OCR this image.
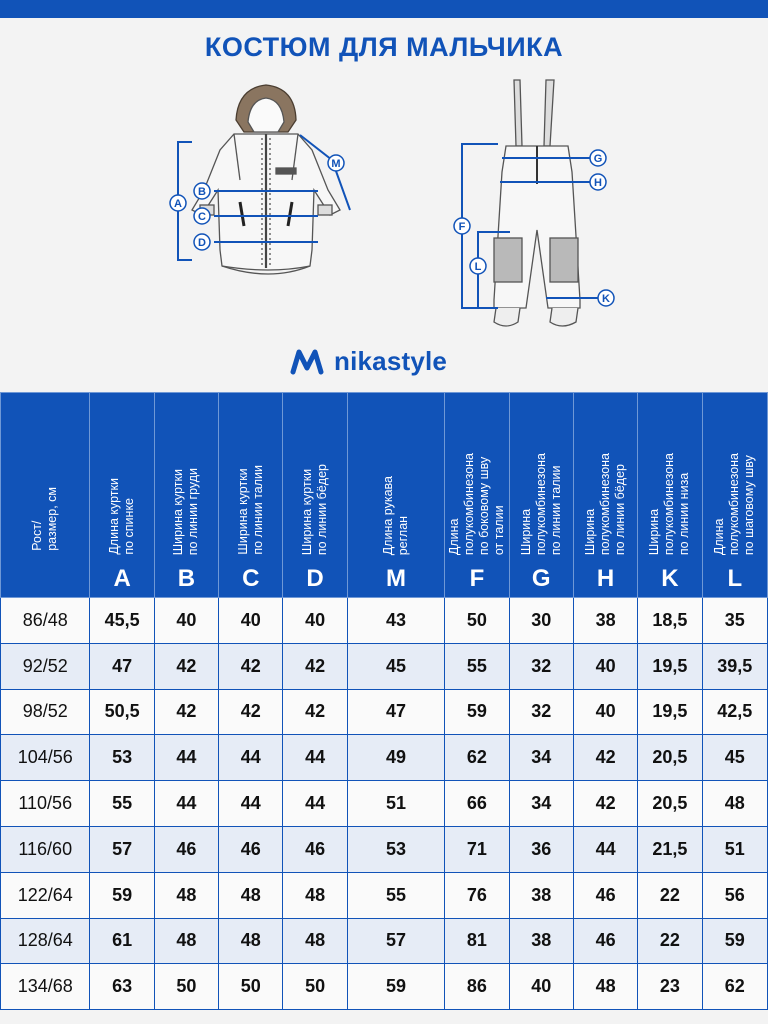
КОСТЮМ ДЛЯ МАЛЬЧИКА
A
B
C
D
M	G
H
F
L
K
nikastyle
Рост/
размер, см	Длина куртки
по спинке
A	Ширина куртки
по линии груди
B	Ширина куртки
по линии талии
C	Ширина куртки
по линии бёдер
D	Длина рукава
реглан
M	Длина
полукомбинезона
по боковому шву
от талии
F	Ширина
полукомбинезона
по линии талии
G	Ширина
полукомбинезона
по линии бёдер
H	Ширина
полукомбинезона
по линии низа
K	Длина
полукомбинезона
по шаговому шву
L

86/48	45,5	40	40	40	43	50	30	38	18,5	35
92/52	47	42	42	42	45	55	32	40	19,5	39,5
98/52	50,5	42	42	42	47	59	32	40	19,5	42,5
104/56	53	44	44	44	49	62	34	42	20,5	45
110/56	55	44	44	44	51	66	34	42	20,5	48
116/60	57	46	46	46	53	71	36	44	21,5	51
122/64	59	48	48	48	55	76	38	46	22	56
128/64	61	48	48	48	57	81	38	46	22	59
134/68	63	50	50	50	59	86	40	48	23	62
